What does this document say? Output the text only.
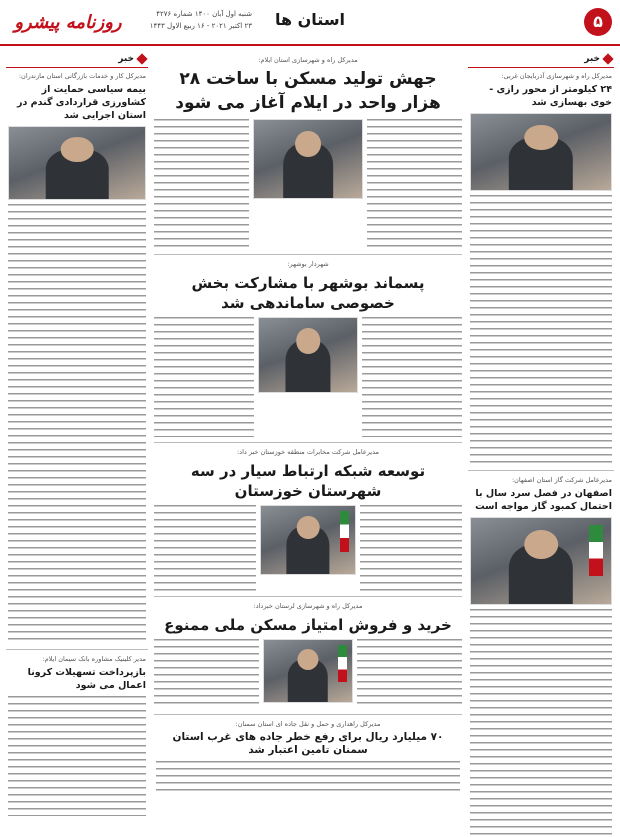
۵
استان ها
شنبه اول آبان ۱۴۰۰ شماره ۴۲۷۶
۲۳ اکتبر ۲۰۲۱ - ۱۶ ربیع الاول ۱۴۴۳
روزنامه پیشرو
خبر
مدیرکل راه و شهرسازی آذربایجان غربی:
۲۴ کیلومتر از محور رازی - خوی بهسازی شد
مدیرعامل شرکت گاز استان اصفهان:
اصفهان در فصل سرد سال با احتمال کمبود گاز مواجه است
خبر
مدیرکل کار و خدمات بازرگانی استان مازندران:
بیمه سیاسی حمایت از کشاورزی قراردادی گندم در استان اجرایی شد
مدیر کلینیک مشاوره بانک سیمان ایلام:
بازپرداخت تسهیلات کرونا اعمال می شود
مدیرکل راه و شهرسازی استان ایلام:
جهش تولید مسکن با ساخت ۲۸ هزار واحد در ایلام آغاز می شود
شهردار بوشهر:
پسماند بوشهر با مشارکت بخش خصوصی ساماندهی شد
مدیرعامل شرکت مخابرات منطقه خوزستان خبر داد:
توسعه شبکه ارتباط سیار در سه شهرستان خوزستان
مدیرکل راه و شهرسازی لرستان خبرداد:
خرید و فروش امتیاز مسکن ملی ممنوع
مدیرکل راهداری و حمل و نقل جاده ای استان سمنان:
۷۰ میلیارد ریال برای رفع خطر جاده های غرب استان سمنان تامین اعتبار شد
